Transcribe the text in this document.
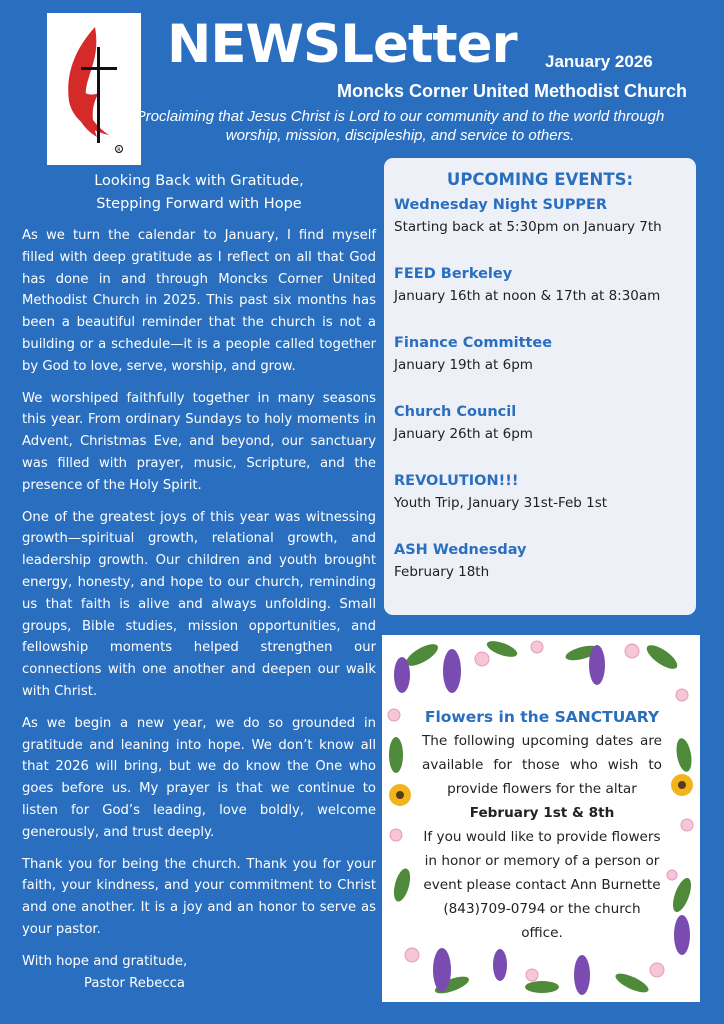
R
NEWSLetter January 2026
Moncks Corner United Methodist Church
Proclaiming that Jesus Christ is Lord to our community and to the world through worship, mission, discipleship, and service to others.
Looking Back with Gratitude,
Stepping Forward with Hope

As we turn the calendar to January, I find myself filled with deep gratitude as I reflect on all that God has done in and through Moncks Corner United Methodist Church in 2025. This past six months has been a beautiful reminder that the church is not a building or a schedule—it is a people called together by God to love, serve, worship, and grow.

We worshiped faithfully together in many seasons this year. From ordinary Sundays to holy moments in Advent, Christmas Eve, and beyond, our sanctuary was filled with prayer, music, Scripture, and the presence of the Holy Spirit.

One of the greatest joys of this year was witnessing growth—spiritual growth, relational growth, and leadership growth. Our children and youth brought energy, honesty, and hope to our church, reminding us that faith is alive and always unfolding. Small groups, Bible studies, mission opportunities, and fellowship moments helped strengthen our connections with one another and deepen our walk with Christ.

As we begin a new year, we do so grounded in gratitude and leaning into hope. We don’t know all that 2026 will bring, but we do know the One who goes before us. My prayer is that we continue to listen for God’s leading, love boldly, welcome generously, and trust deeply.

Thank you for being the church. Thank you for your faith, your kindness, and your commitment to Christ and one another. It is a joy and an honor to serve as your pastor.

With hope and gratitude,
Pastor Rebecca
UPCOMING EVENTS:
Wednesday Night SUPPER
Starting back at 5:30pm on January 7th
FEED Berkeley
January 16th at noon & 17th at 8:30am
Finance Committee
January 19th at 6pm
Church Council
January 26th at 6pm
REVOLUTION!!!
Youth Trip, January 31st-Feb 1st
ASH Wednesday
February 18th
Flowers in the SANCTUARY
The following upcoming dates are available for those who wish to provide flowers for the altar
February 1st & 8th
If you would like to provide flowers in honor or memory of a person or event please contact Ann Burnette (843)709-0794 or the church office.
